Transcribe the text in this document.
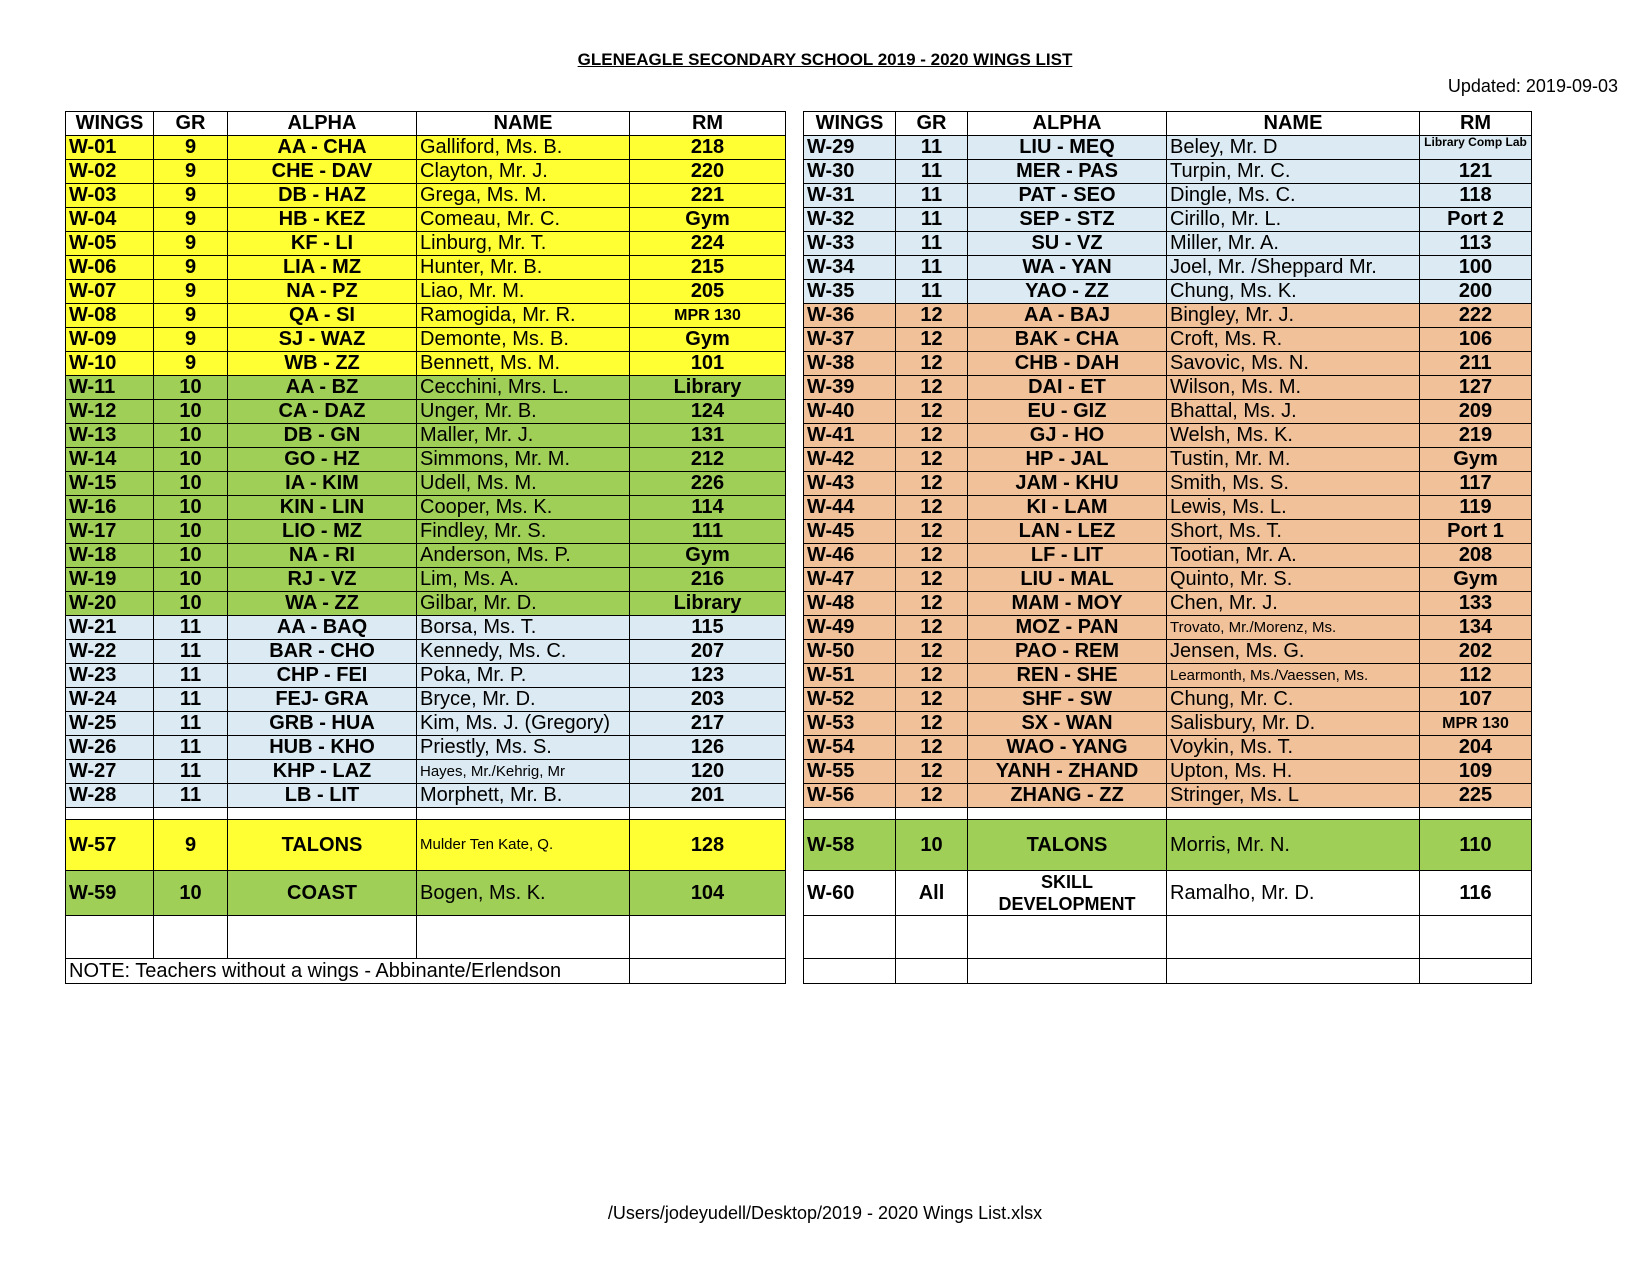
GLENEAGLE SECONDARY SCHOOL 2019 - 2020 WINGS LIST
Updated: 2019-09-03
WINGS	GR	ALPHA	NAME	RM		WINGS	GR	ALPHA	NAME	RM
W-01	9	AA - CHA	Galliford, Ms. B.	218		W-29	11	LIU - MEQ	Beley, Mr. D	Library Comp Lab
W-02	9	CHE - DAV	Clayton, Mr. J.	220		W-30	11	MER - PAS	Turpin, Mr. C.	121
W-03	9	DB - HAZ	Grega, Ms. M.	221		W-31	11	PAT - SEO	Dingle, Ms. C.	118
W-04	9	HB - KEZ	Comeau, Mr. C.	Gym		W-32	11	SEP - STZ	Cirillo, Mr. L.	Port 2
W-05	9	KF - LI	Linburg, Mr. T.	224		W-33	11	SU - VZ	Miller, Mr. A.	113
W-06	9	LIA - MZ	Hunter, Mr. B.	215		W-34	11	WA - YAN	Joel, Mr. /Sheppard Mr.	100
W-07	9	NA - PZ	Liao, Mr. M.	205		W-35	11	YAO - ZZ	Chung, Ms. K.	200
W-08	9	QA - SI	Ramogida, Mr. R.	MPR 130		W-36	12	AA - BAJ	Bingley, Mr. J.	222
W-09	9	SJ - WAZ	Demonte, Ms. B.	Gym		W-37	12	BAK - CHA	Croft, Ms. R.	106
W-10	9	WB - ZZ	Bennett, Ms. M.	101		W-38	12	CHB - DAH	Savovic, Ms. N.	211
W-11	10	AA - BZ	Cecchini, Mrs. L.	Library		W-39	12	DAI - ET	Wilson, Ms. M.	127
W-12	10	CA - DAZ	Unger, Mr. B.	124		W-40	12	EU - GIZ	Bhattal, Ms. J.	209
W-13	10	DB - GN	Maller, Mr. J.	131		W-41	12	GJ - HO	Welsh, Ms. K.	219
W-14	10	GO - HZ	Simmons, Mr. M.	212		W-42	12	HP - JAL	Tustin, Mr. M.	Gym
W-15	10	IA - KIM	Udell, Ms. M.	226		W-43	12	JAM - KHU	Smith, Ms. S.	117
W-16	10	KIN - LIN	Cooper, Ms. K.	114		W-44	12	KI - LAM	Lewis, Ms. L.	119
W-17	10	LIO - MZ	Findley, Mr. S.	111		W-45	12	LAN - LEZ	Short, Ms. T.	Port 1
W-18	10	NA - RI	Anderson, Ms. P.	Gym		W-46	12	LF - LIT	Tootian, Mr. A.	208
W-19	10	RJ - VZ	Lim, Ms. A.	216		W-47	12	LIU - MAL	Quinto, Mr. S.	Gym
W-20	10	WA - ZZ	Gilbar, Mr. D.	Library		W-48	12	MAM - MOY	Chen, Mr. J.	133
W-21	11	AA - BAQ	Borsa, Ms. T.	115		W-49	12	MOZ - PAN	Trovato, Mr./Morenz, Ms.	134
W-22	11	BAR - CHO	Kennedy, Ms. C.	207		W-50	12	PAO - REM	Jensen, Ms. G.	202
W-23	11	CHP - FEI	Poka, Mr. P.	123		W-51	12	REN - SHE	Learmonth, Ms./Vaessen, Ms.	112
W-24	11	FEJ- GRA	Bryce, Mr. D.	203		W-52	12	SHF - SW	Chung, Mr. C.	107
W-25	11	GRB - HUA	Kim, Ms. J. (Gregory)	217		W-53	12	SX - WAN	Salisbury, Mr. D.	MPR 130
W-26	11	HUB - KHO	Priestly, Ms. S.	126		W-54	12	WAO - YANG	Voykin, Ms. T.	204
W-27	11	KHP - LAZ	Hayes, Mr./Kehrig, Mr	120		W-55	12	YANH - ZHAND	Upton, Ms. H.	109
W-28	11	LB - LIT	Morphett, Mr. B.	201		W-56	12	ZHANG - ZZ	Stringer, Ms. L	225

W-57	9	TALONS	Mulder Ten Kate, Q.	128		W-58	10	TALONS	Morris, Mr. N.	110
W-59	10	COAST	Bogen, Ms. K.	104		W-60	All	SKILL DEVELOPMENT	Ramalho, Mr. D.	116

NOTE: Teachers without a wings - Abbinante/Erlendson										
/Users/jodeyudell/Desktop/2019 - 2020 Wings List.xlsx
